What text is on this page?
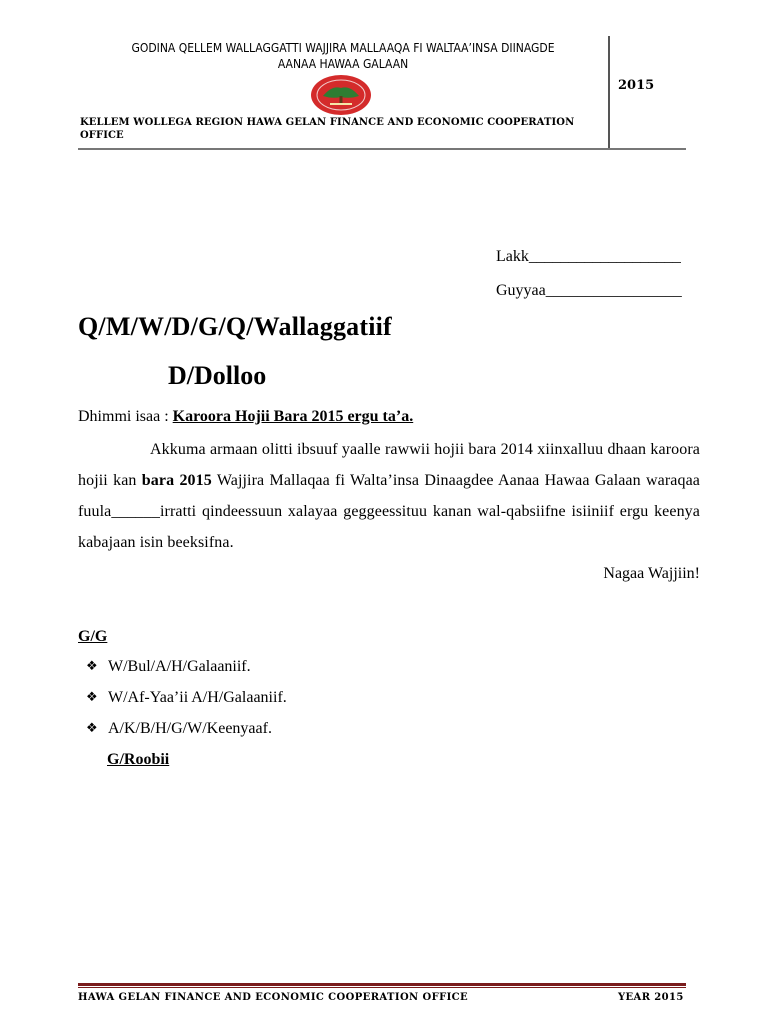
GODINA QELLEM WALLAGGATTI WAJJIRA MALLAAQA FI WALTAA’INSA DIINAGDE
AANAA HAWAA GALAAN
KELLEM WOLLEGA REGION HAWA GELAN FINANCE AND ECONOMIC COOPERATION OFFICE
2015
Lakk___________________
Guyyaa_________________
Q/M/W/D/G/Q/Wallaggatiif
D/Dolloo
Dhimmi isaa : Karoora Hojii Bara 2015 ergu ta’a.
Akkuma armaan olitti ibsuuf yaalle rawwii hojii bara 2014 xiinxalluu dhaan karoora hojii kan bara 2015 Wajjira Mallaqaa fi Walta’insa Dinaagdee Aanaa Hawaa Galaan waraqaa fuula______irratti qindeessuun xalayaa geggeessituu kanan wal-qabsiifne isiiniif ergu keenya kabajaan isin beeksifna.
Nagaa Wajjiin!
G/G
❖ W/Bul/A/H/Galaaniif.
❖ W/Af-Yaa’ii A/H/Galaaniif.
❖ A/K/B/H/G/W/Keenyaaf.
G/Roobii
HAWA GELAN FINANCE AND ECONOMIC COOPERATION OFFICE	YEAR 2015
